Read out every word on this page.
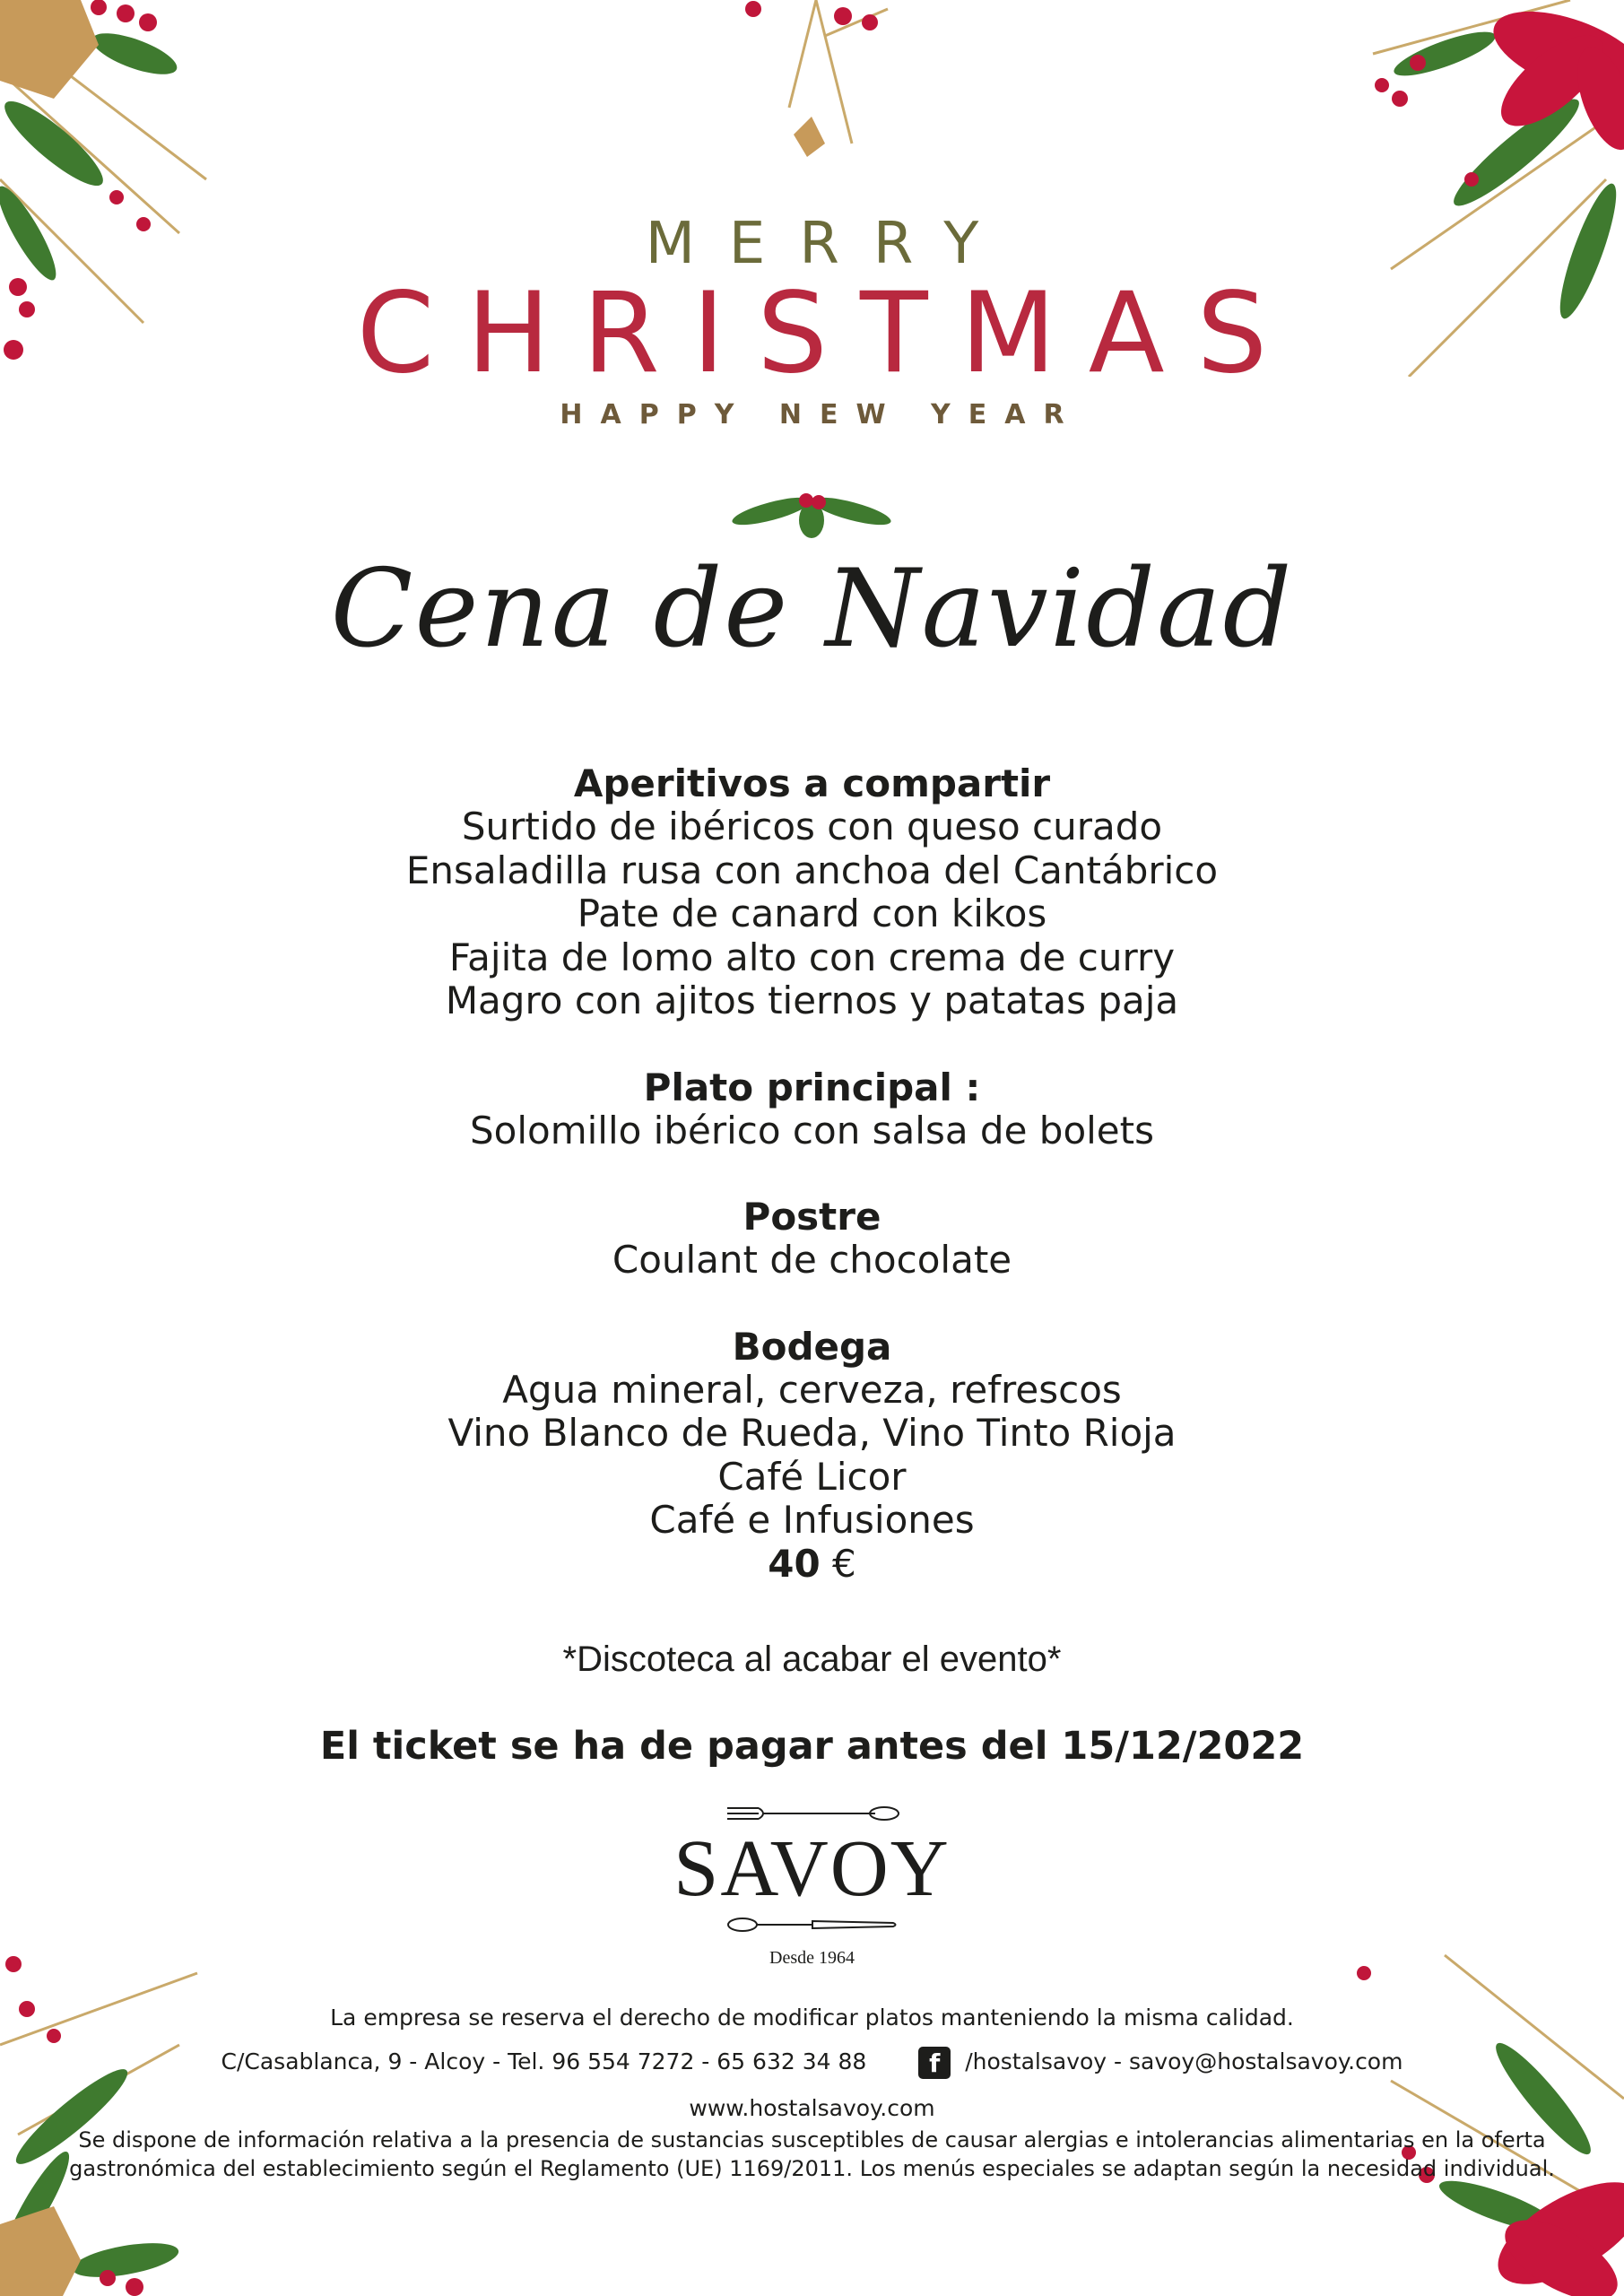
MERRY
CHRISTMAS
HAPPY NEW YEAR
Cena de Navidad
Aperitivos a compartir
Surtido de ibéricos con queso curado
Ensaladilla rusa con anchoa del Cantábrico
Pate de canard con kikos
Fajita de lomo alto con crema de curry
Magro con ajitos tiernos y patatas paja
Plato principal :
Solomillo ibérico con salsa de bolets
Postre
Coulant de chocolate
Bodega
Agua mineral, cerveza, refrescos
Vino Blanco de Rueda, Vino Tinto Rioja
Café Licor
Café e Infusiones
40 €
*Discoteca al acabar el evento*
El ticket se ha de pagar antes del 15/12/2022
SAVOY
Desde 1964
La empresa se reserva el derecho de modificar platos manteniendo la misma calidad.
C/Casablanca, 9 - Alcoy - Tel. 96 554 7272 - 65 632 34 88 f /hostalsavoy - savoy@hostalsavoy.com
www.hostalsavoy.com
Se dispone de información relativa a la presencia de sustancias susceptibles de causar alergias e intolerancias alimentarias en la oferta gastronómica del establecimiento según el Reglamento (UE) 1169/2011. Los menús especiales se adaptan según la necesidad individual.
